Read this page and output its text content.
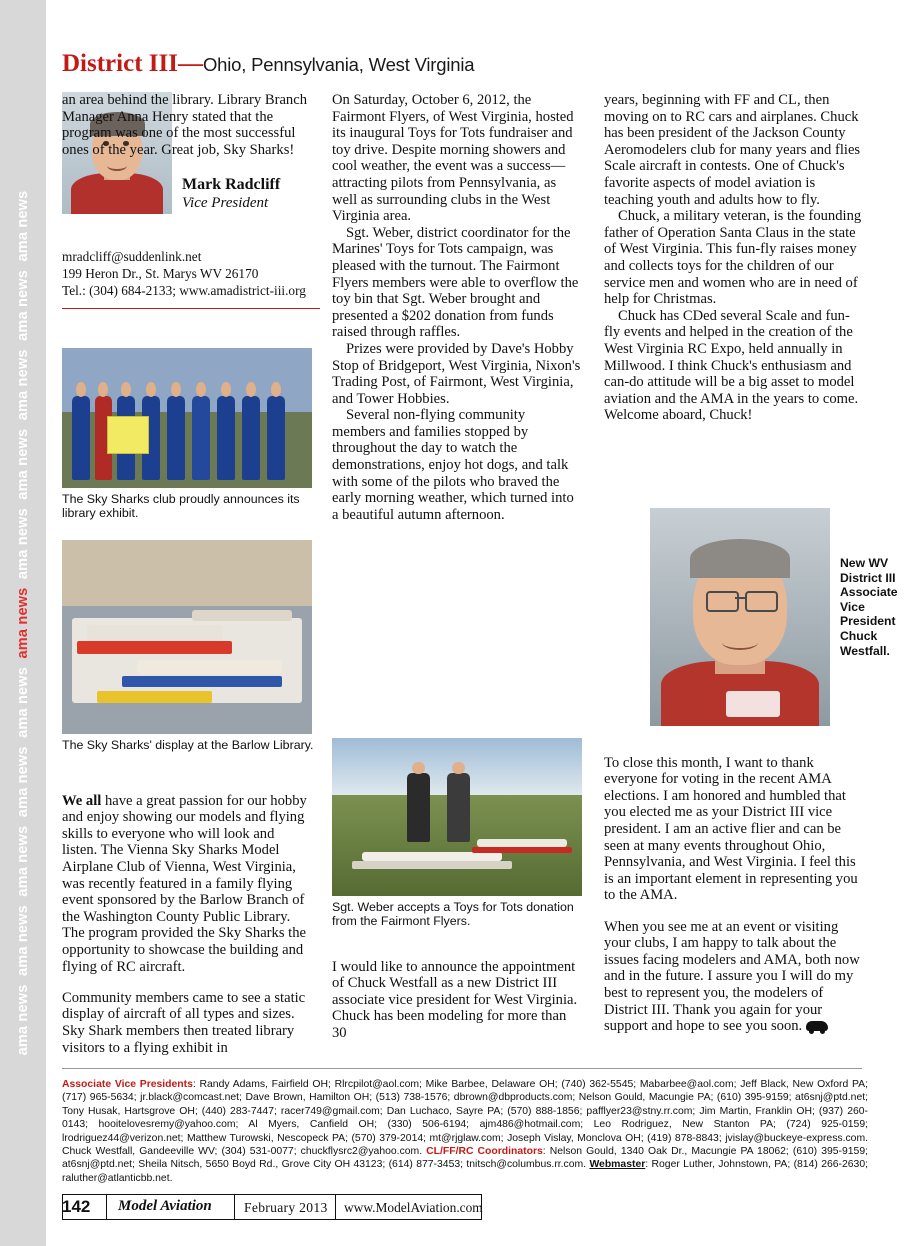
ama news  ama news  ama news  ama news  ama news  ama news  ama news  ama news  ama news  ama news  ama news
District III—Ohio, Pennsylvania, West Virginia
Mark Radcliff
Vice President
mradcliff@suddenlink.net
199 Heron Dr., St. Marys WV 26170
Tel.: (304) 684-2133; www.amadistrict-iii.org

an area behind the library. Library Branch Manager Anna Henry stated that the program was one of the most successful ones of the year. Great job, Sky Sharks!

The Sky Sharks club proudly announces its library exhibit.
The Sky Sharks' display at the Barlow Library.

We all have a great passion for our hobby and enjoy showing our models and flying skills to everyone who will look and listen. The Vienna Sky Sharks Model Airplane Club of Vienna, West Virginia, was recently featured in a family flying event sponsored by the Barlow Branch of the Washington County Public Library. The program provided the Sky Sharks the opportunity to showcase the building and flying of RC aircraft.

Community members came to see a static display of aircraft of all types and sizes. Sky Shark members then treated library visitors to a flying exhibit in

On Saturday, October 6, 2012, the Fairmont Flyers, of West Virginia, hosted its inaugural Toys for Tots fundraiser and toy drive. Despite morning showers and cool weather, the event was a success—attracting pilots from Pennsylvania, as well as surrounding clubs in the West Virginia area.

Sgt. Weber, district coordinator for the Marines' Toys for Tots campaign, was pleased with the turnout. The Fairmont Flyers members were able to overflow the toy bin that Sgt. Weber brought and presented a $202 donation from funds raised through raffles.

Prizes were provided by Dave's Hobby Stop of Bridgeport, West Virginia, Nixon's Trading Post, of Fairmont, West Virginia, and Tower Hobbies.

Several non-flying community members and families stopped by throughout the day to watch the demonstrations, enjoy hot dogs, and talk with some of the pilots who braved the early morning weather, which turned into a beautiful autumn afternoon.

Sgt. Weber accepts a Toys for Tots donation from the Fairmont Flyers.

I would like to announce the appointment of Chuck Westfall as a new District III associate vice president for West Virginia. Chuck has been modeling for more than 30

years, beginning with FF and CL, then moving on to RC cars and airplanes. Chuck has been president of the Jackson County Aeromodelers club for many years and flies Scale aircraft in contests. One of Chuck's favorite aspects of model aviation is teaching youth and adults how to fly.

Chuck, a military veteran, is the founding father of Operation Santa Claus in the state of West Virginia. This fun-fly raises money and collects toys for the children of our service men and women who are in need of help for Christmas.

Chuck has CDed several Scale and fun-fly events and helped in the creation of the West Virginia RC Expo, held annually in Millwood. I think Chuck's enthusiasm and can-do attitude will be a big asset to model aviation and the AMA in the years to come. Welcome aboard, Chuck!

New WV District III Associate Vice President Chuck Westfall.

To close this month, I want to thank everyone for voting in the recent AMA elections. I am honored and humbled that you elected me as your District III vice president. I am an active flier and can be seen at many events throughout Ohio, Pennsylvania, and West Virginia. I feel this is an important element in representing you to the AMA.

When you see me at an event or visiting your clubs, I am happy to talk about the issues facing modelers and AMA, both now and in the future. I assure you I will do my best to represent you, the modelers of District III. Thank you again for your support and hope to see you soon.

Associate Vice Presidents: Randy Adams, Fairfield OH; Rlrcpilot@aol.com; Mike Barbee, Delaware OH; (740) 362-5545; Mabarbee@aol.com; Jeff Black, New Oxford PA; (717) 965-5634; jr.black@comcast.net; Dave Brown, Hamilton OH; (513) 738-1576; dbrown@dbproducts.com; Nelson Gould, Macungie PA; (610) 395-9159; at6snj@ptd.net; Tony Husak, Hartsgrove OH; (440) 283-7447; racer749@gmail.com; Dan Luchaco, Sayre PA; (570) 888-1856; pafflyer23@stny.rr.com; Jim Martin, Franklin OH; (937) 260-0143; hooitelovesremy@yahoo.com; Al Myers, Canfield OH; (330) 506-6194; ajm486@hotmail.com; Leo Rodriguez, New Stanton PA; (724) 925-0159; lrodriguez44@verizon.net; Matthew Turowski, Nescopeck PA; (570) 379-2014; mt@rjglaw.com; Joseph Vislay, Monclova OH; (419) 878-8843; jvislay@buckeye-express.com. Chuck Westfall, Gandeeville WV; (304) 531-0077; chuckflysrc2@yahoo.com. CL/FF/RC Coordinators: Nelson Gould, 1340 Oak Dr., Macungie PA 18062; (610) 395-9159; at6snj@ptd.net; Sheila Nitsch, 5650 Boyd Rd., Grove City OH 43123; (614) 877-3453; tnitsch@columbus.rr.com. Webmaster: Roger Luther, Johnstown, PA; (814) 266-2630; raluther@atlanticbb.net.
142 Model Aviation February 2013 www.ModelAviation.com
